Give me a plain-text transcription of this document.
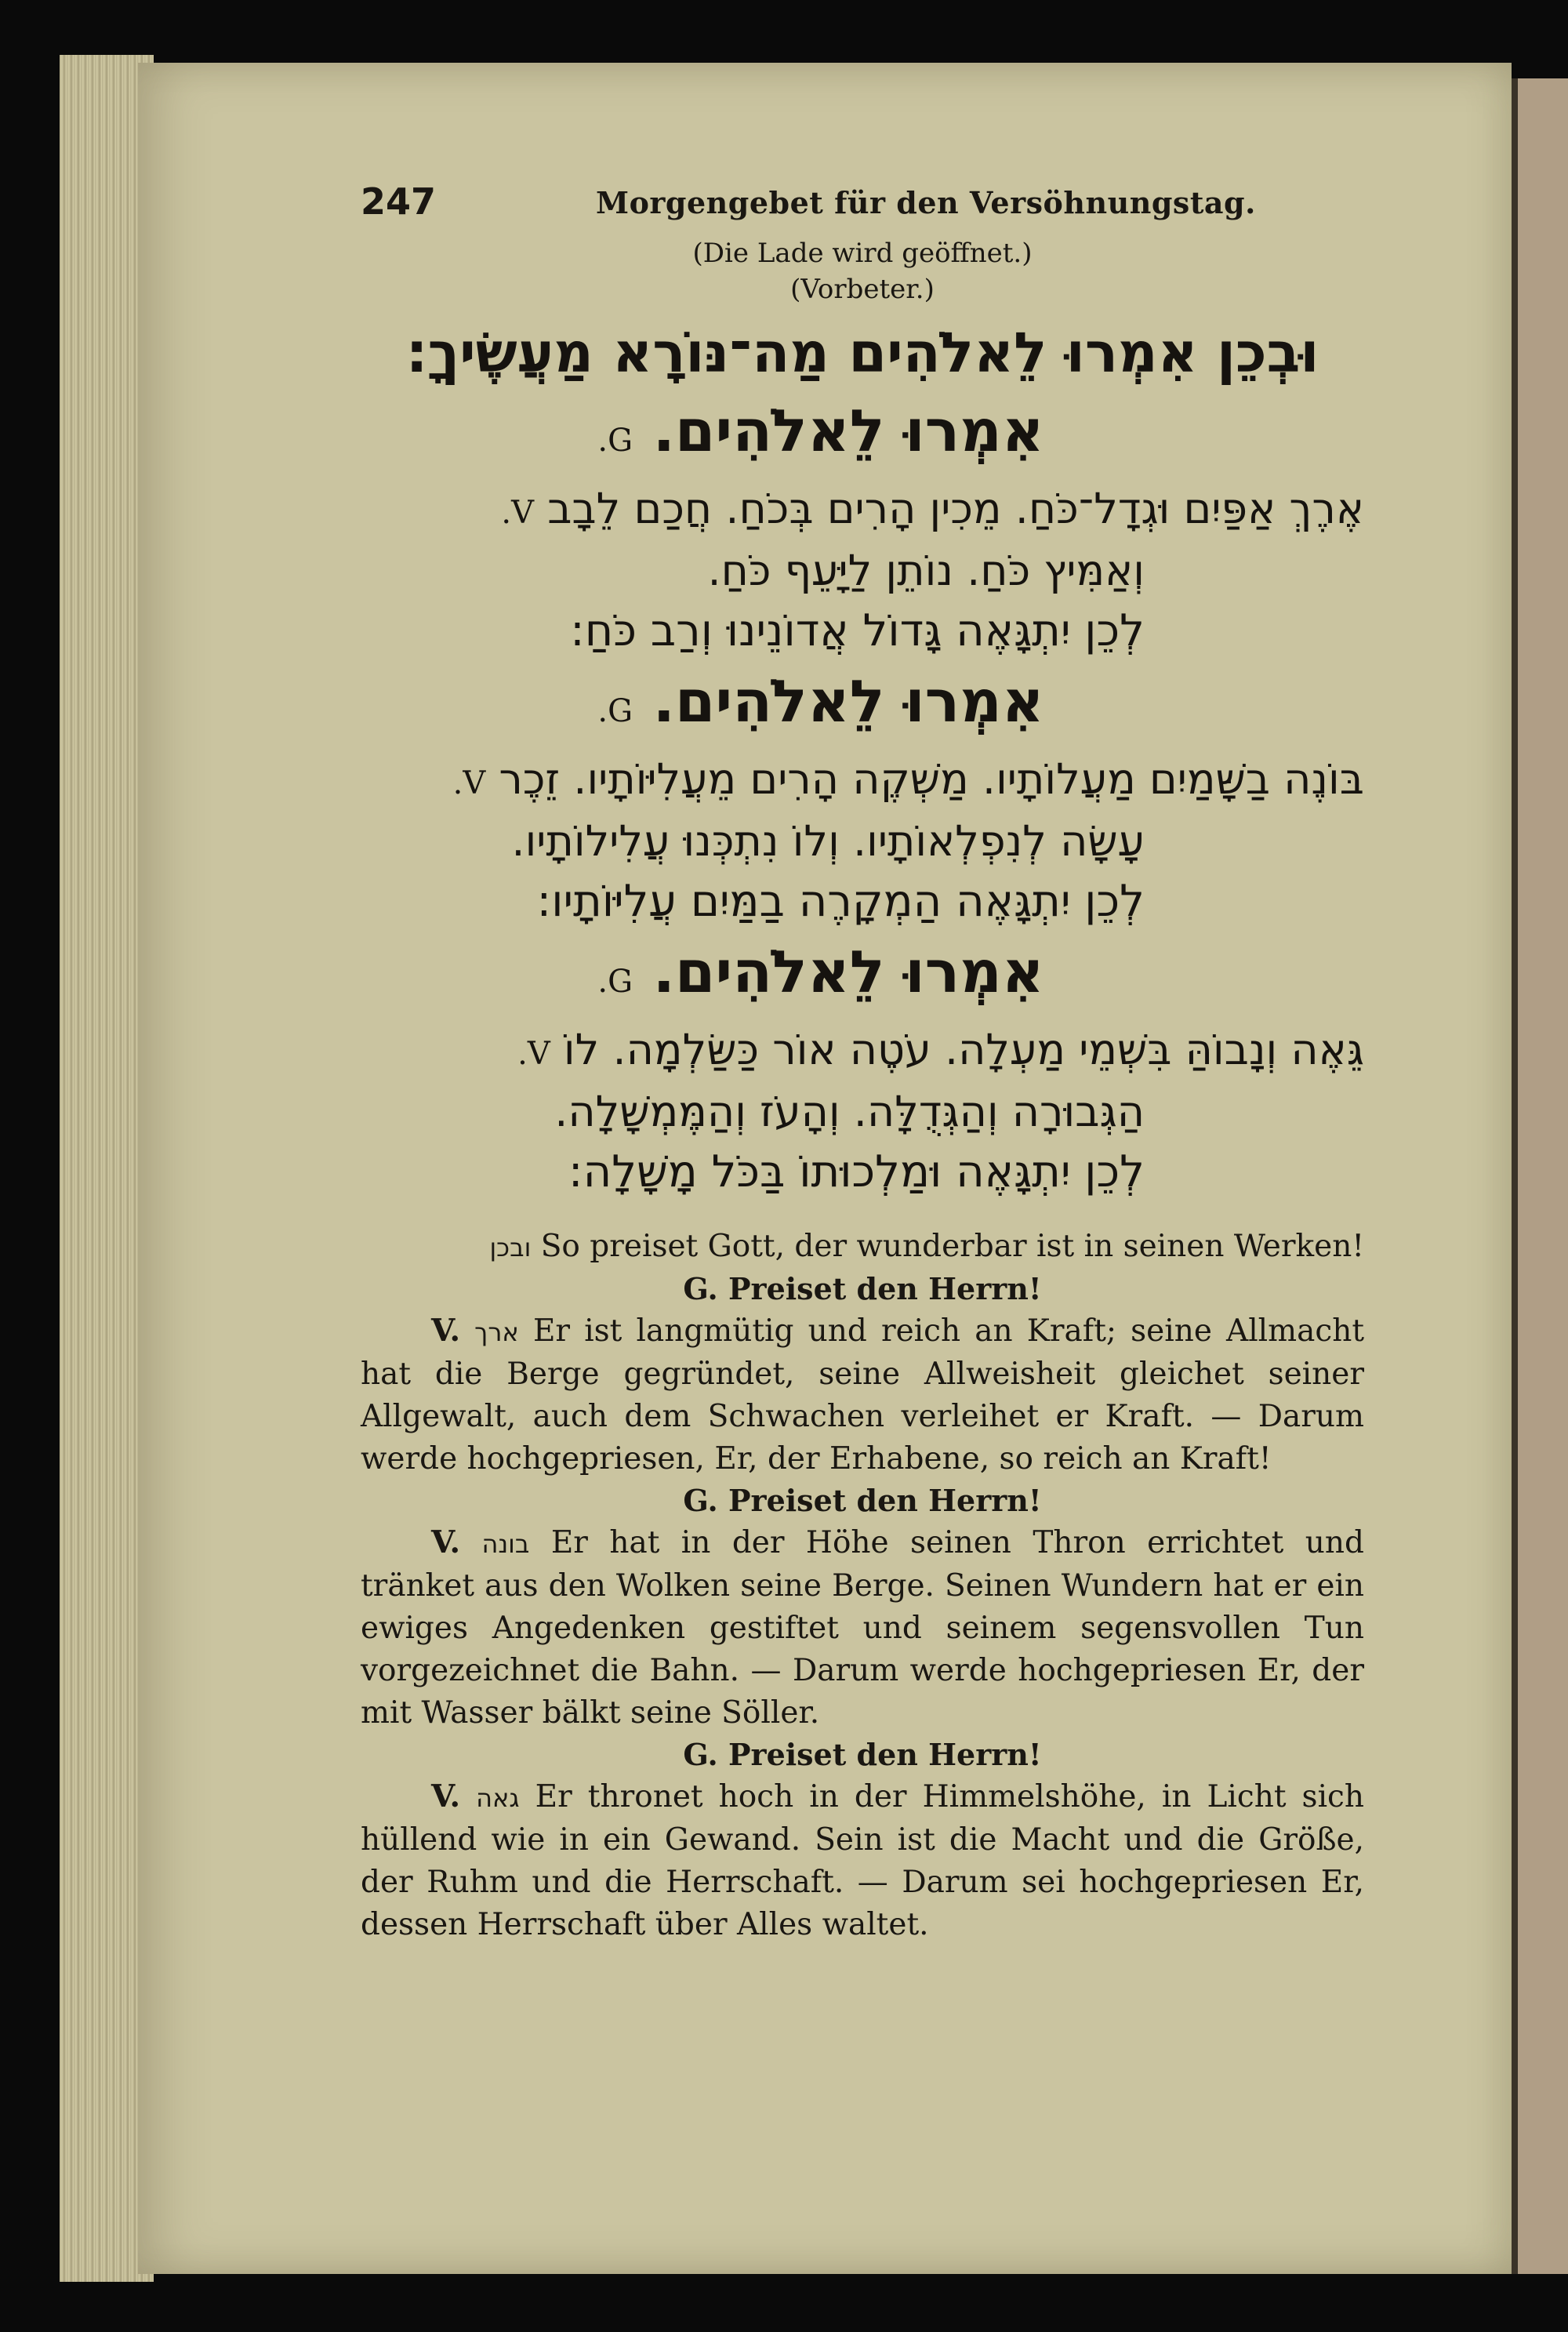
247	Morgengebet für den Versöhnungstag.
(Die Lade wird geöffnet.)
(Vorbeter.)
וּבְכֵן אִמְרוּ לֵאלֹהִים מַה־נּוֹרָא מַעֲשֶׂיךָ:
אִמְרוּ לֵאלֹהִים. G.
אֶרֶךְ אַפַּיִם וּגְדָל־כֹּחַ. מֵכִין הָרִים בְּכֹחַ. חֲכַם לֵבָב V.
וְאַמִּיץ כֹּחַ. נוֹתֵן לַיָּעֵף כֹּחַ.
לְכֵן יִתְגָּאֶה גָּדוֹל אֲדוֹנֵינוּ וְרַב כֹּחַ:
אִמְרוּ לֵאלֹהִים. G.
בּוֹנֶה בַשָּׁמַיִם מַעֲלוֹתָיו. מַשְׁקֶה הָרִים מֵעֲלִיּוֹתָיו. זֵכֶר V.
עָשָׂה לְנִפְלְאוֹתָיו. וְלוֹ נִתְכְּנוּ עֲלִילוֹתָיו.
לְכֵן יִתְגָּאֶה הַמְקָרֶה בַמַּיִם עֲלִיּוֹתָיו:
אִמְרוּ לֵאלֹהִים. G.
גֵּאֶה וְנָבוֹהַּ בִּשְׁמֵי מַעְלָה. עֹטֶה אוֹר כַּשַּׂלְמָה. לוֹ V.
הַגְּבוּרָה וְהַגְּדֻלָּה. וְהָעֹז וְהַמֶּמְשָׁלָה.
לְכֵן יִתְגָּאֶה וּמַלְכוּתוֹ בַּכֹּל מָשָׁלָה:
ובכן So preiset Gott, der wunderbar ist in seinen Werken!
G. Preiset den Herrn!
V. ארך Er ist langmütig und reich an Kraft; seine Allmacht hat die Berge gegründet, seine Allweisheit gleichet seiner Allgewalt, auch dem Schwachen verleihet er Kraft. — Darum werde hochgepriesen, Er, der Erhabene, so reich an Kraft!
G. Preiset den Herrn!
V. בונה Er hat in der Höhe seinen Thron errichtet und tränket aus den Wolken seine Berge. Seinen Wundern hat er ein ewiges Angedenken gestiftet und seinem segensvollen Tun vorgezeichnet die Bahn. — Darum werde hochgepriesen Er, der mit Wasser bälkt seine Söller.
G. Preiset den Herrn!
V. גאה Er thronet hoch in der Himmelshöhe, in Licht sich hüllend wie in ein Gewand. Sein ist die Macht und die Größe, der Ruhm und die Herrschaft. — Darum sei hochgepriesen Er, dessen Herrschaft über Alles waltet.
